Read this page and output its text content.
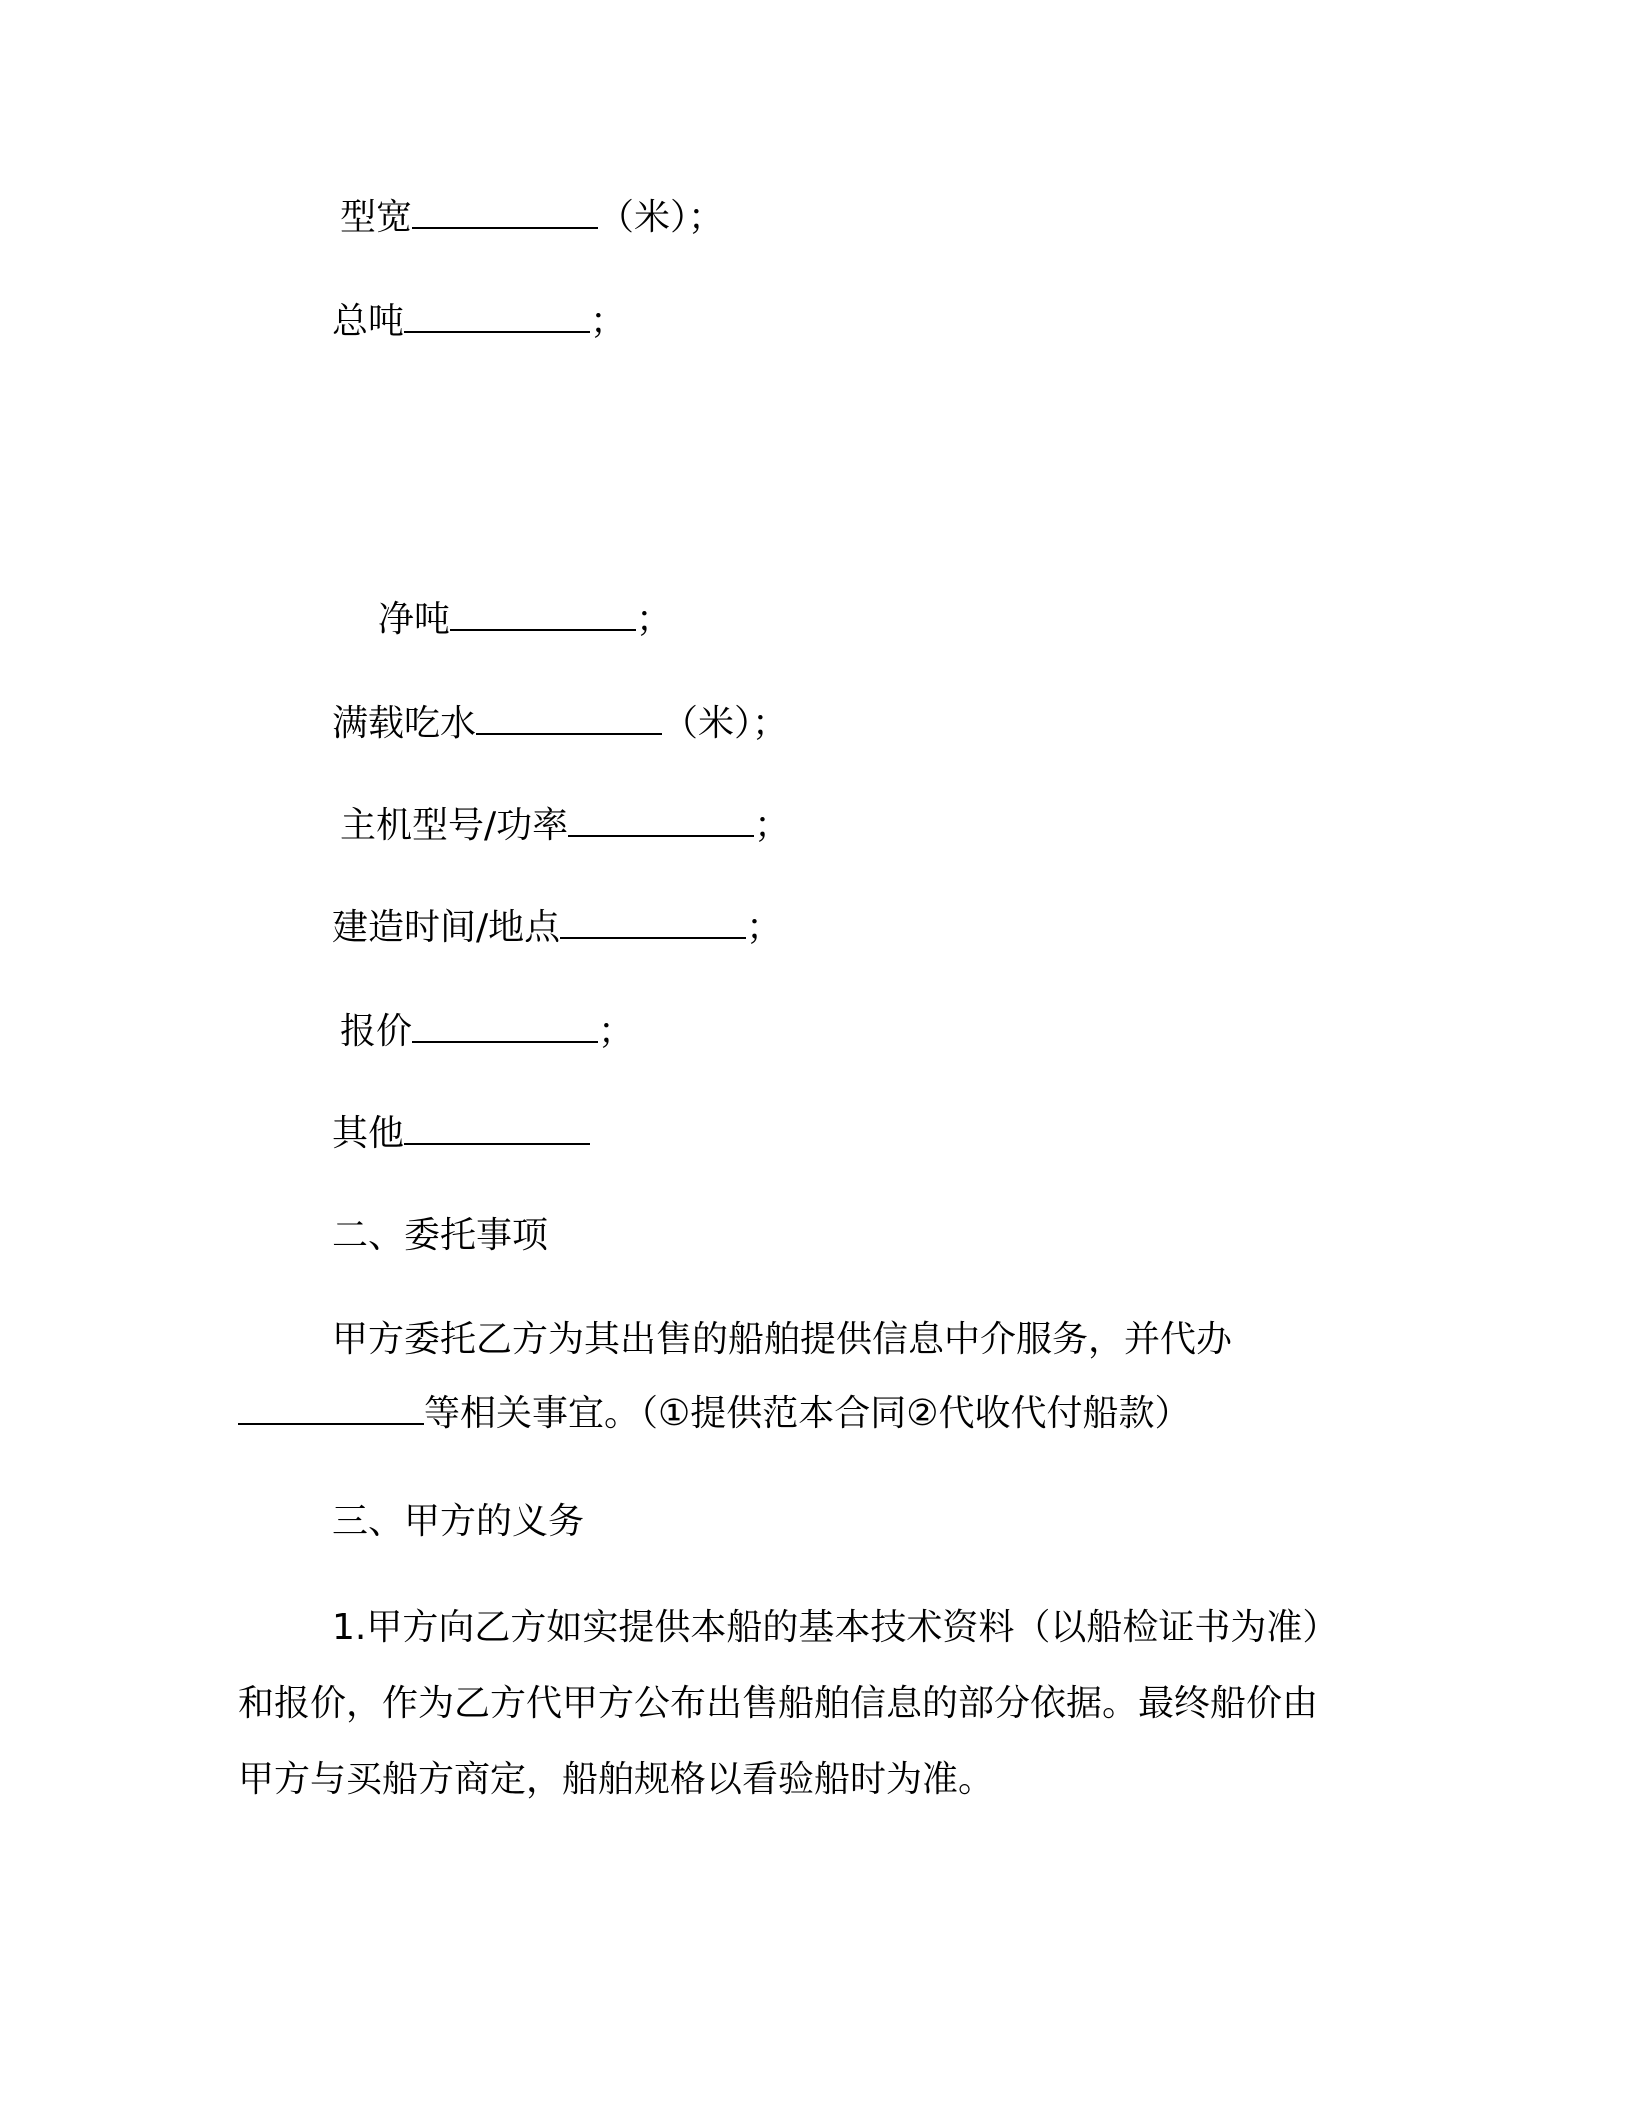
型宽	（米）；
总吨	；
净吨	；
满载吃水	（米）；
主机型号/功率	；
建造时间/地点	；
报价	；
其他
二、委托事项
甲方委托乙方为其出售的船舶提供信息中介服务，并代办
等相关事宜。（①提供范本合同②代收代付船款）
三、甲方的义务
1.甲方向乙方如实提供本船的基本技术资料（以船检证书为准）
和报价，作为乙方代甲方公布出售船舶信息的部分依据。最终船价由
甲方与买船方商定，船舶规格以看验船时为准。
